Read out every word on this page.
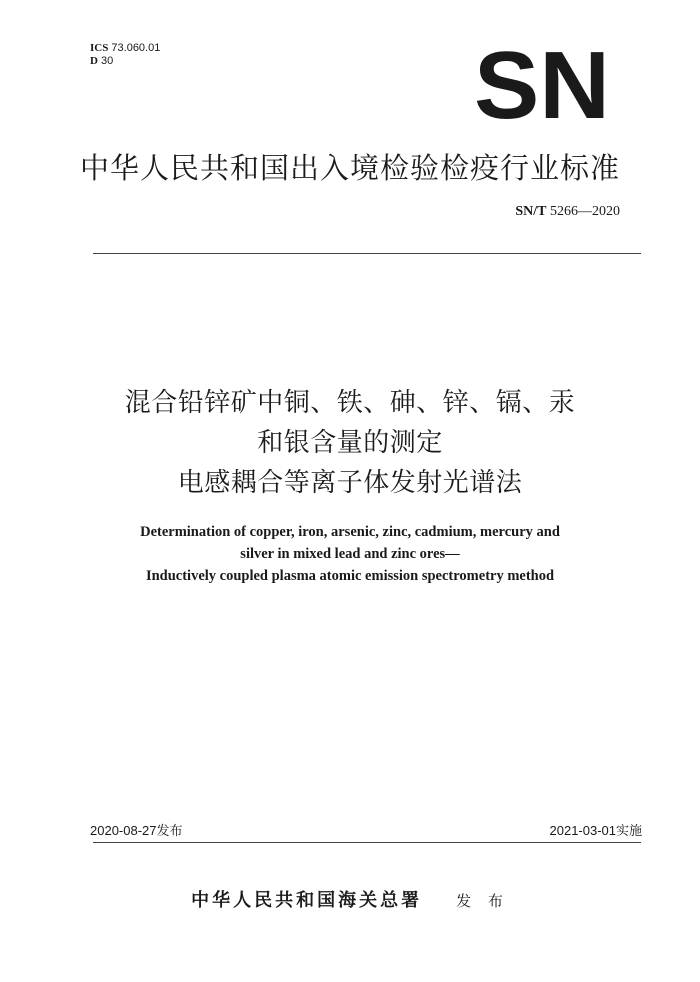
ICS 73.060.01
D 30	SN
中华人民共和国出入境检验检疫行业标准
SN/T 5266—2020
混合铅锌矿中铜、铁、砷、锌、镉、汞
和银含量的测定
电感耦合等离子体发射光谱法
Determination of copper, iron, arsenic, zinc, cadmium, mercury and
silver in mixed lead and zinc ores—
Inductively coupled plasma atomic emission spectrometry method
2020-08-27发布	2021-03-01实施
中华人民共和国海关总署 发 布
